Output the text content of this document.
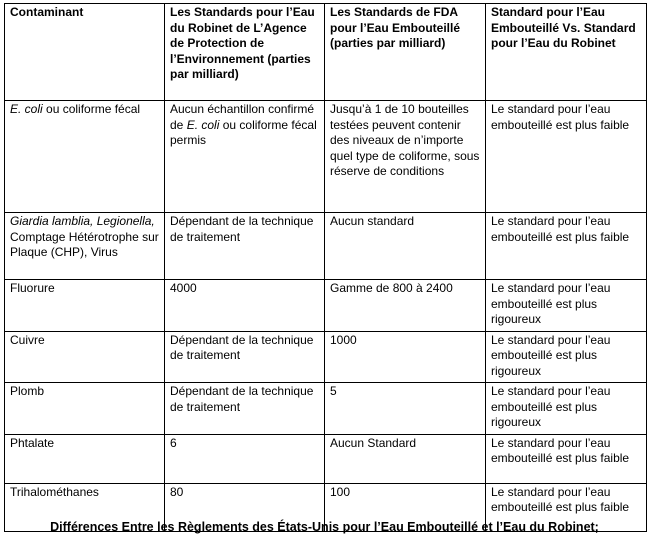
Contaminant	Les Standards pour l’Eau du Robinet de L’Agence de Protection de l’Environnement (parties par milliard)	Les Standards de FDA pour l’Eau Embouteillé (parties par milliard)	Standard pour l’Eau Embouteillé Vs. Standard pour l’Eau du Robinet
E. coli ou coliforme fécal	Aucun échantillon confirmé de E. coli ou coliforme fécal permis	Jusqu’à 1 de 10 bouteilles testées peuvent contenir des niveaux de n’importe quel type de coliforme, sous réserve de conditions	Le standard pour l’eau embouteillé est plus faible
Giardia lamblia, Legionella, Comptage Hétérotrophe sur Plaque (CHP), Virus	Dépendant de la technique de traitement	Aucun standard	Le standard pour l’eau embouteillé est plus faible
Fluorure	4000	Gamme de 800 à 2400	Le standard pour l’eau embouteillé est plus rigoureux
Cuivre	Dépendant de la technique de traitement	1000	Le standard pour l’eau embouteillé est plus rigoureux
Plomb	Dépendant de la technique de traitement	5	Le standard pour l’eau embouteillé est plus rigoureux
Phtalate	6	Aucun Standard	Le standard pour l’eau embouteillé est plus faible
Trihalométhanes	80	100	Le standard pour l’eau embouteillé est plus faible
Différences Entre les Règlements des États-Unis pour l’Eau Embouteillé et l’Eau du Robinet;
